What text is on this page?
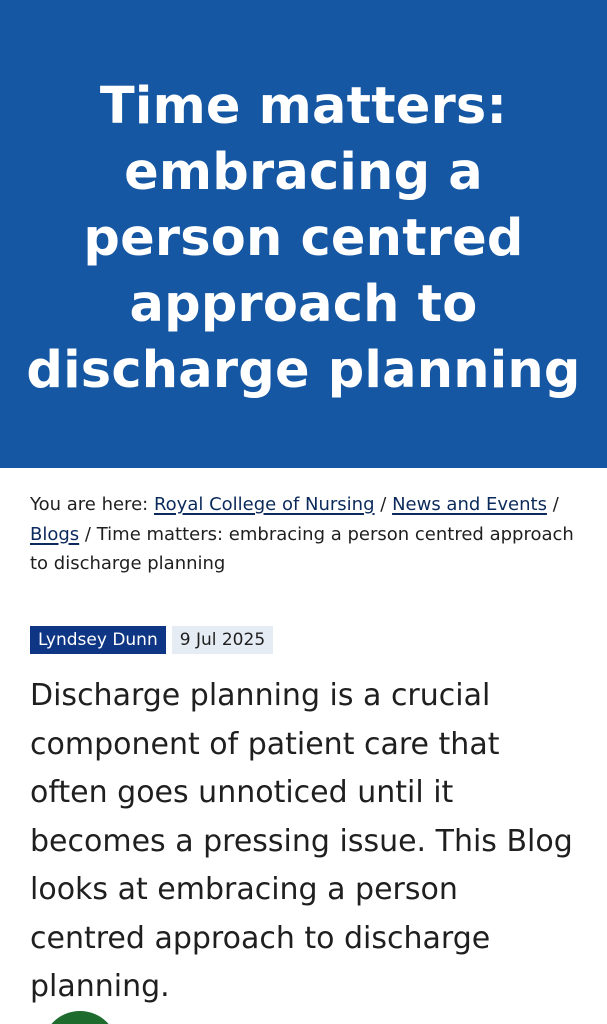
Time matters: embracing a person centred approach to discharge planning
You are here: Royal College of Nursing / News and Events / Blogs / Time matters: embracing a person centred approach to discharge planning
Lyndsey Dunn	9 Jul 2025

Discharge planning is a crucial component of patient care that often goes unnoticed until it becomes a pressing issue. This Blog looks at embracing a person centred approach to discharge planning.
